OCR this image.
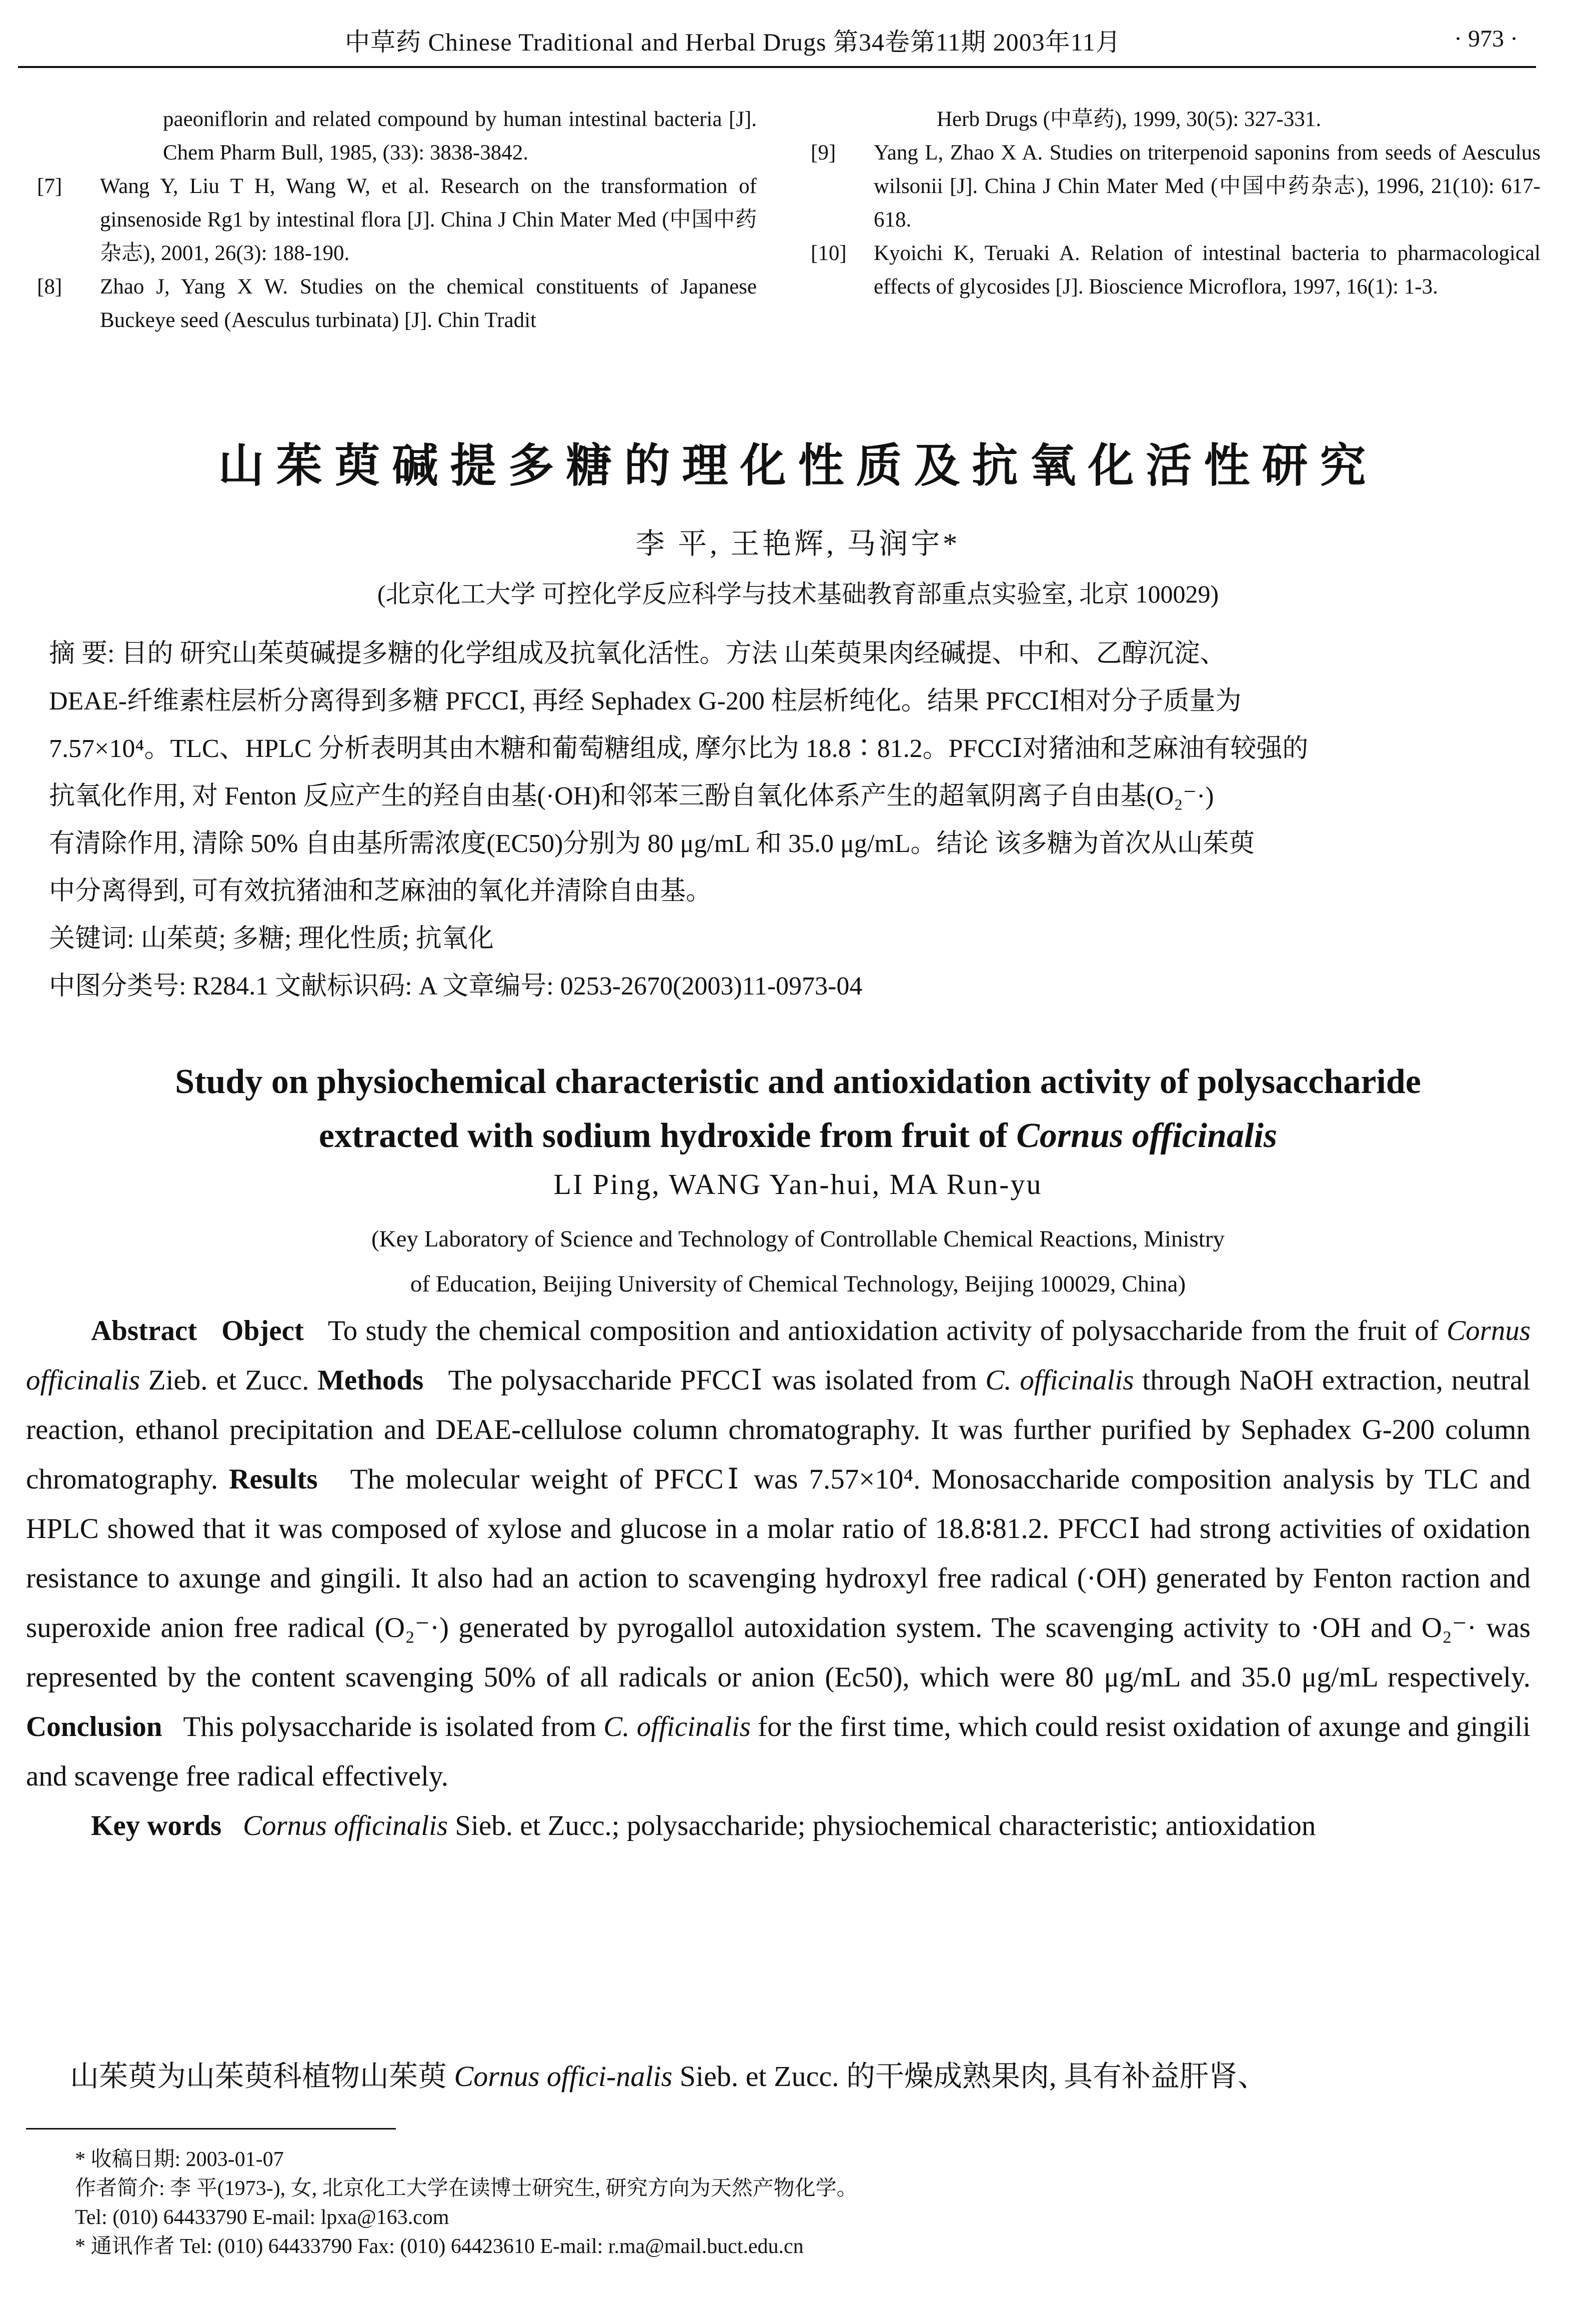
中草药 Chinese Traditional and Herbal Drugs 第34卷第11期 2003年11月	· 973 ·
paeoniflorin and related compound by human intestinal bacteria [J]. Chem Pharm Bull, 1985, (33): 3838-3842.
[7]	Wang Y, Liu T H, Wang W, et al. Research on the transformation of ginsenoside Rg1 by intestinal flora [J]. China J Chin Mater Med (中国中药杂志), 2001, 26(3): 188-190.
[8]	Zhao J, Yang X W. Studies on the chemical constituents of Japanese Buckeye seed (Aesculus turbinata) [J]. Chin Tradit
Herb Drugs (中草药), 1999, 30(5): 327-331.
[9]	Yang L, Zhao X A. Studies on triterpenoid saponins from seeds of Aesculus wilsonii [J]. China J Chin Mater Med (中国中药杂志), 1996, 21(10): 617-618.
[10]	Kyoichi K, Teruaki A. Relation of intestinal bacteria to pharmacological effects of glycosides [J]. Bioscience Microflora, 1997, 16(1): 1-3.
山茱萸碱提多糖的理化性质及抗氧化活性研究
李 平, 王艳辉, 马润宇*
(北京化工大学 可控化学反应科学与技术基础教育部重点实验室, 北京 100029)
摘 要: 目的 研究山茱萸碱提多糖的化学组成及抗氧化活性。方法 山茱萸果肉经碱提、中和、乙醇沉淀、
DEAE-纤维素柱层析分离得到多糖 PFCCⅠ, 再经 Sephadex G-200 柱层析纯化。结果 PFCCⅠ相对分子质量为
7.57×10⁴。TLC、HPLC 分析表明其由木糖和葡萄糖组成, 摩尔比为 18.8∶81.2。PFCCⅠ对猪油和芝麻油有较强的
抗氧化作用, 对 Fenton 反应产生的羟自由基(·OH)和邻苯三酚自氧化体系产生的超氧阴离子自由基(O₂⁻·)
有清除作用, 清除 50% 自由基所需浓度(EC50)分别为 80 μg/mL 和 35.0 μg/mL。结论 该多糖为首次从山茱萸
中分离得到, 可有效抗猪油和芝麻油的氧化并清除自由基。
关键词: 山茱萸; 多糖; 理化性质; 抗氧化
中图分类号: R284.1 文献标识码: A 文章编号: 0253-2670(2003)11-0973-04
Study on physiochemical characteristic and antioxidation activity of polysaccharide
extracted with sodium hydroxide from fruit of Cornus officinalis
LI Ping, WANG Yan-hui, MA Run-yu
(Key Laboratory of Science and Technology of Controllable Chemical Reactions, Ministry
of Education, Beijing University of Chemical Technology, Beijing 100029, China)

Abstract Object To study the chemical composition and antioxidation activity of polysaccharide from the fruit of Cornus officinalis Zieb. et Zucc. Methods The polysaccharide PFCCⅠ was isolated from C. officinalis through NaOH extraction, neutral reaction, ethanol precipitation and DEAE-cellulose column chromatography. It was further purified by Sephadex G-200 column chromatography. Results The molecular weight of PFCCⅠ was 7.57×10⁴. Monosaccharide composition analysis by TLC and HPLC showed that it was composed of xylose and glucose in a molar ratio of 18.8∶81.2. PFCCⅠ had strong activities of oxidation resistance to axunge and gingili. It also had an action to scavenging hydroxyl free radical (·OH) generated by Fenton raction and superoxide anion free radical (O₂⁻·) generated by pyrogallol autoxidation system. The scavenging activity to ·OH and O₂⁻· was represented by the content scavenging 50% of all radicals or anion (Ec50), which were 80 μg/mL and 35.0 μg/mL respectively. Conclusion This polysaccharide is isolated from C. officinalis for the first time, which could resist oxidation of axunge and gingili and scavenge free radical effectively.

Key words Cornus officinalis Sieb. et Zucc.; polysaccharide; physiochemical characteristic; antioxidation

山茱萸为山茱萸科植物山茱萸 Cornus offici-nalis Sieb. et Zucc. 的干燥成熟果肉, 具有补益肝肾、
* 收稿日期: 2003-01-07
作者简介: 李 平(1973-), 女, 北京化工大学在读博士研究生, 研究方向为天然产物化学。
Tel: (010) 64433790 E-mail: lpxa@163.com
* 通讯作者 Tel: (010) 64433790 Fax: (010) 64423610 E-mail: r.ma@mail.buct.edu.cn
